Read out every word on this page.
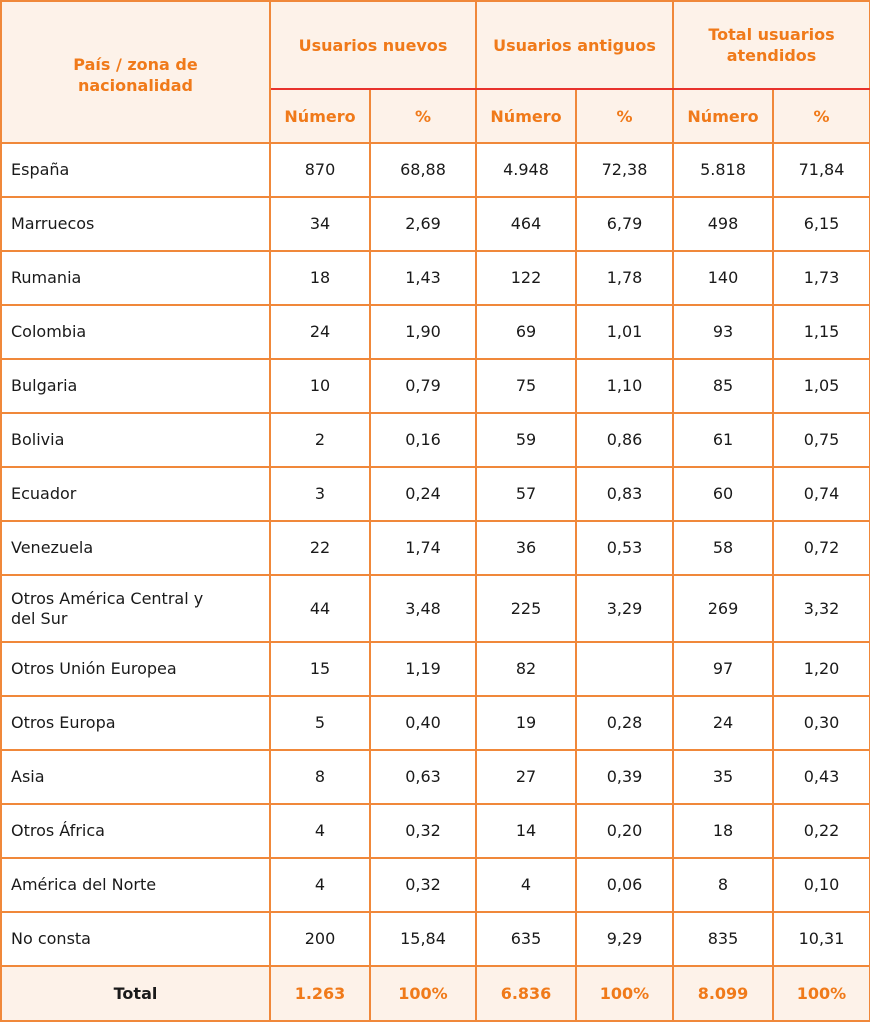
País / zona de nacionalidad	Usuarios nuevos		Usuarios antiguos		Total usuarios atendidos	
	Número	%	Número	%	Número	%
España	870	68,88	4.948	72,38	5.818	71,84
Marruecos	34	2,69	464	6,79	498	6,15
Rumania	18	1,43	122	1,78	140	1,73
Colombia	24	1,90	69	1,01	93	1,15
Bulgaria	10	0,79	75	1,10	85	1,05
Bolivia	2	0,16	59	0,86	61	0,75
Ecuador	3	0,24	57	0,83	60	0,74
Venezuela	22	1,74	36	0,53	58	0,72
Otros América Central y del Sur	44	3,48	225	3,29	269	3,32
Otros Unión Europea	15	1,19	82		97	1,20
Otros Europa	5	0,40	19	0,28	24	0,30
Asia	8	0,63	27	0,39	35	0,43
Otros África	4	0,32	14	0,20	18	0,22
América del Norte	4	0,32	4	0,06	8	0,10
No consta	200	15,84	635	9,29	835	10,31
Total	1.263	100%	6.836	100%	8.099	100%
